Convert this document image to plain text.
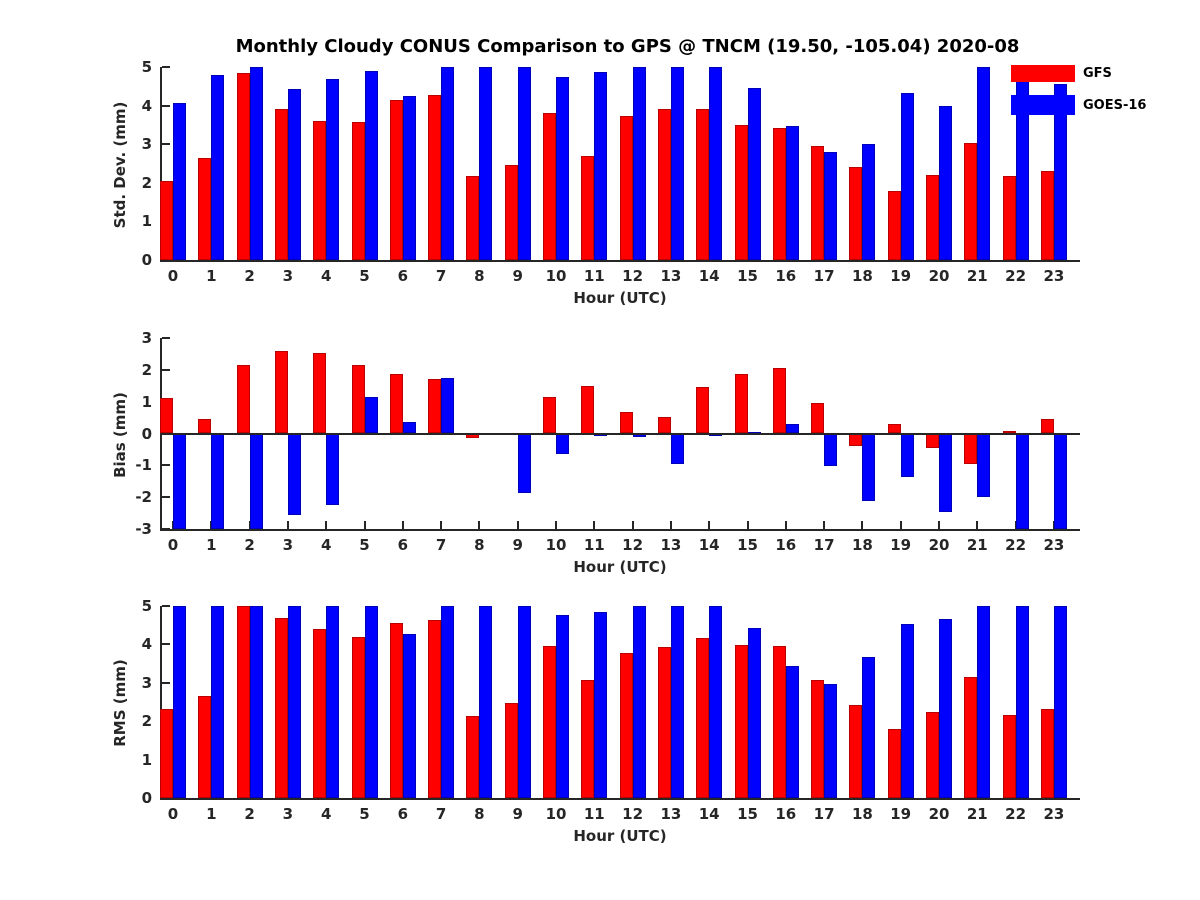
Monthly Cloudy CONUS Comparison to GPS @ TNCM (19.50, -105.04) 2020-08
GFS
GOES-16
0
1
2
3
4
5
0	1	2	3	4	5	6	7	8	9	10	11	12	13	14	15	16	17	18	19	20	21	22	23
Hour (UTC)
Std. Dev. (mm)
-3
-2
-1
0
1
2
3
0	1	2	3	4	5	6	7	8	9	10	11	12	13	14	15	16	17	18	19	20	21	22	23
Hour (UTC)
Bias (mm)
0
1
2
3
4
5
0	1	2	3	4	5	6	7	8	9	10	11	12	13	14	15	16	17	18	19	20	21	22	23
Hour (UTC)
RMS (mm)
